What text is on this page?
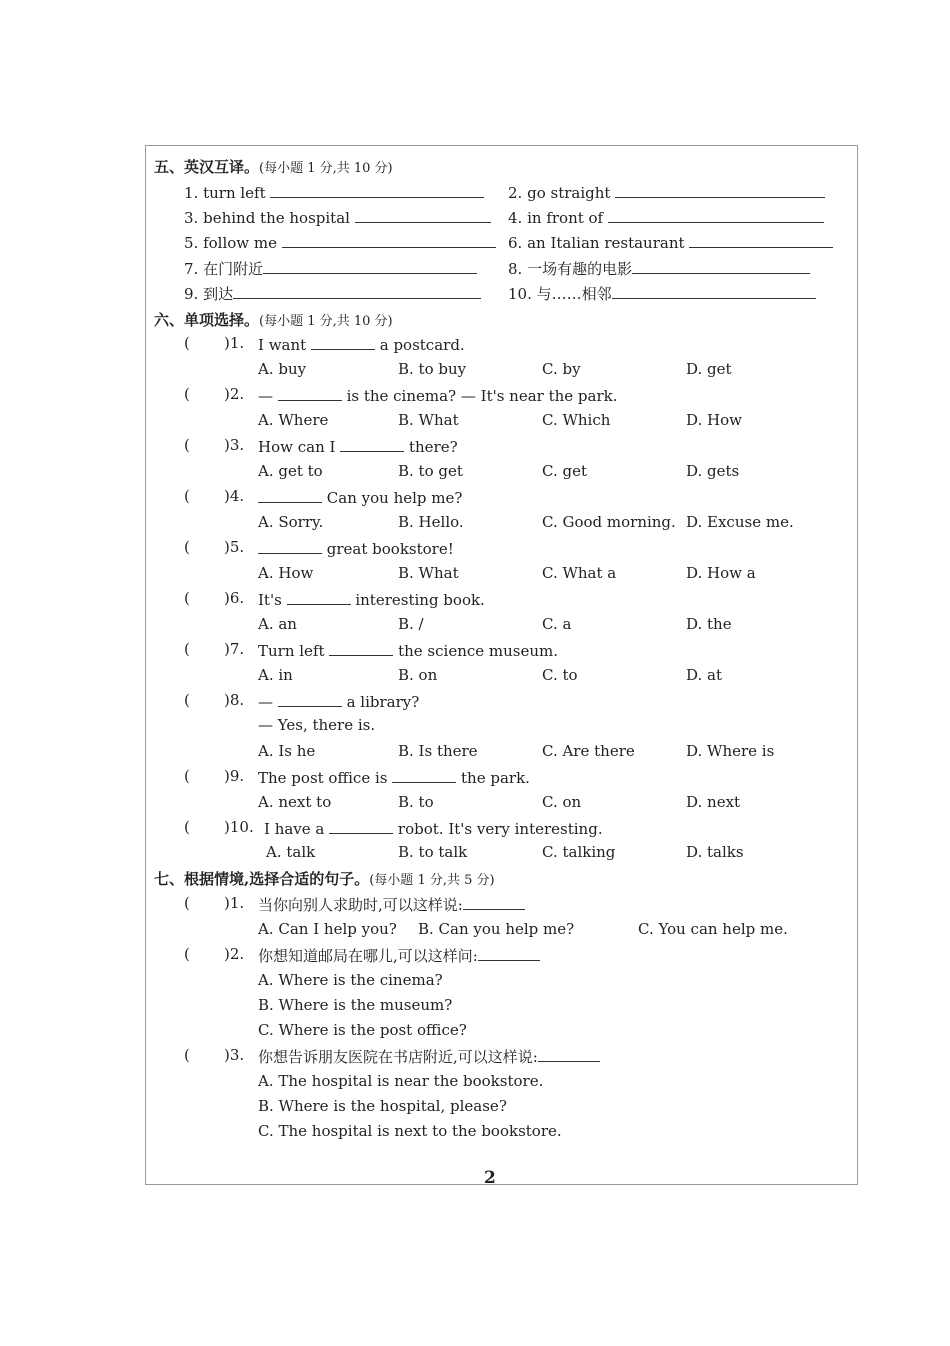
五、英汉互译。(每小题 1 分,共 10 分)
1. turn left	2. go straight
3. behind the hospital	4. in front of
5. follow me	6. an Italian restaurant
7. 在门附近	8. 一场有趣的电影
9. 到达	10. 与……相邻
六、单项选择。(每小题 1 分,共 10 分)
( )1. I want	a postcard.
A. buy	B. to buy	C. by	D. get
( )2. —	is the cinema? — It's near the park.
A. Where	B. What	C. Which	D. How
( )3. How can I	there?
A. get to	B. to get	C. get	D. gets
( )4.	Can you help me?
A. Sorry.	B. Hello.	C. Good morning. D. Excuse me.
( )5.	great bookstore!
A. How	B. What	C. What a	D. How a
( )6. It's	interesting book.
A. an	B. /	C. a	D. the
( )7. Turn left	the science museum.
A. in	B. on	C. to	D. at
( )8. —	a library?
— Yes, there is.
A. Is he	B. Is there	C. Are there	D. Where is
( )9. The post office is	the park.
A. next to	B. to	C. on	D. next
( )10. I have a	robot. It's very interesting.
A. talk	B. to talk	C. talking	D. talks
七、根据情境,选择合适的句子。(每小题 1 分,共 5 分)
( )1. 当你向别人求助时,可以这样说:
A. Can I help you? B. Can you help me?	C. You can help me.
( )2. 你想知道邮局在哪儿,可以这样问:
A. Where is the cinema?
B. Where is the museum?
C. Where is the post office?
( )3. 你想告诉朋友医院在书店附近,可以这样说:
A. The hospital is near the bookstore.
B. Where is the hospital, please?
C. The hospital is next to the bookstore.
2
